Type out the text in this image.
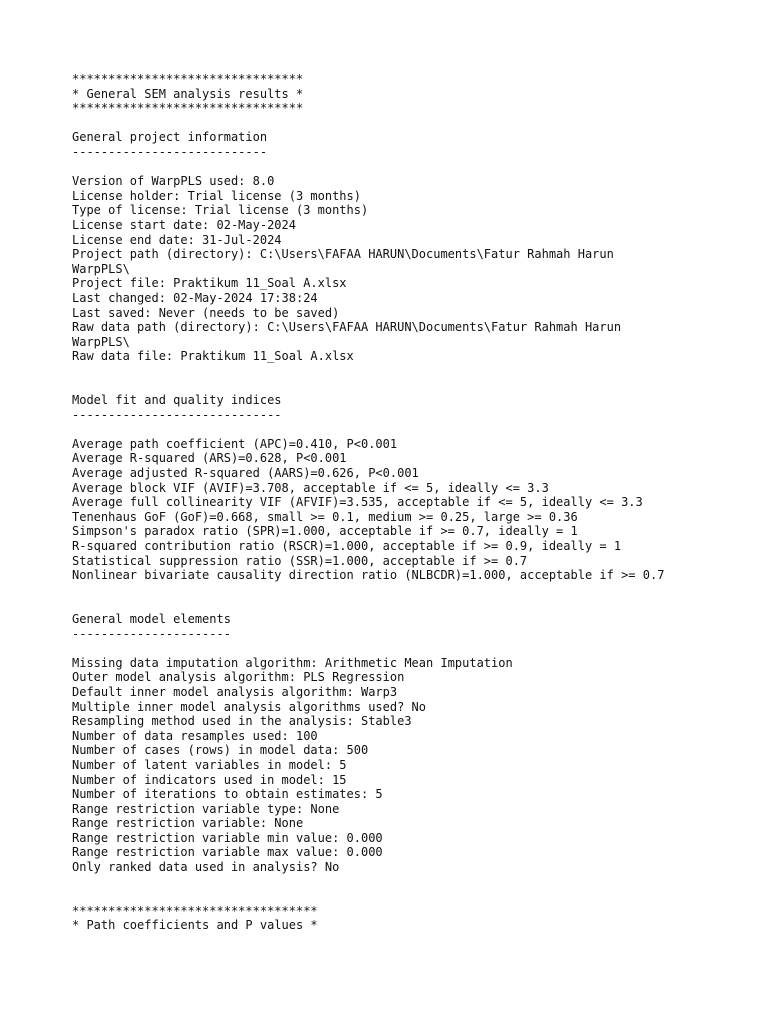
********************************
* General SEM analysis results *
********************************
General project information
---------------------------
Version of WarpPLS used: 8.0
License holder: Trial license (3 months)
Type of license: Trial license (3 months)
License start date: 02-May-2024
License end date: 31-Jul-2024
Project path (directory): C:\Users\FAFAA HARUN\Documents\Fatur Rahmah Harun
WarpPLS\
Project file: Praktikum 11_Soal A.xlsx
Last changed: 02-May-2024 17:38:24
Last saved: Never (needs to be saved)
Raw data path (directory): C:\Users\FAFAA HARUN\Documents\Fatur Rahmah Harun
WarpPLS\
Raw data file: Praktikum 11_Soal A.xlsx
Model fit and quality indices
-----------------------------
Average path coefficient (APC)=0.410, P<0.001
Average R-squared (ARS)=0.628, P<0.001
Average adjusted R-squared (AARS)=0.626, P<0.001
Average block VIF (AVIF)=3.708, acceptable if <= 5, ideally <= 3.3
Average full collinearity VIF (AFVIF)=3.535, acceptable if <= 5, ideally <= 3.3
Tenenhaus GoF (GoF)=0.668, small >= 0.1, medium >= 0.25, large >= 0.36
Simpson's paradox ratio (SPR)=1.000, acceptable if >= 0.7, ideally = 1
R-squared contribution ratio (RSCR)=1.000, acceptable if >= 0.9, ideally = 1
Statistical suppression ratio (SSR)=1.000, acceptable if >= 0.7
Nonlinear bivariate causality direction ratio (NLBCDR)=1.000, acceptable if >= 0.7
General model elements
----------------------
Missing data imputation algorithm: Arithmetic Mean Imputation
Outer model analysis algorithm: PLS Regression
Default inner model analysis algorithm: Warp3
Multiple inner model analysis algorithms used? No
Resampling method used in the analysis: Stable3
Number of data resamples used: 100
Number of cases (rows) in model data: 500
Number of latent variables in model: 5
Number of indicators used in model: 15
Number of iterations to obtain estimates: 5
Range restriction variable type: None
Range restriction variable: None
Range restriction variable min value: 0.000
Range restriction variable max value: 0.000
Only ranked data used in analysis? No
**********************************
* Path coefficients and P values *
